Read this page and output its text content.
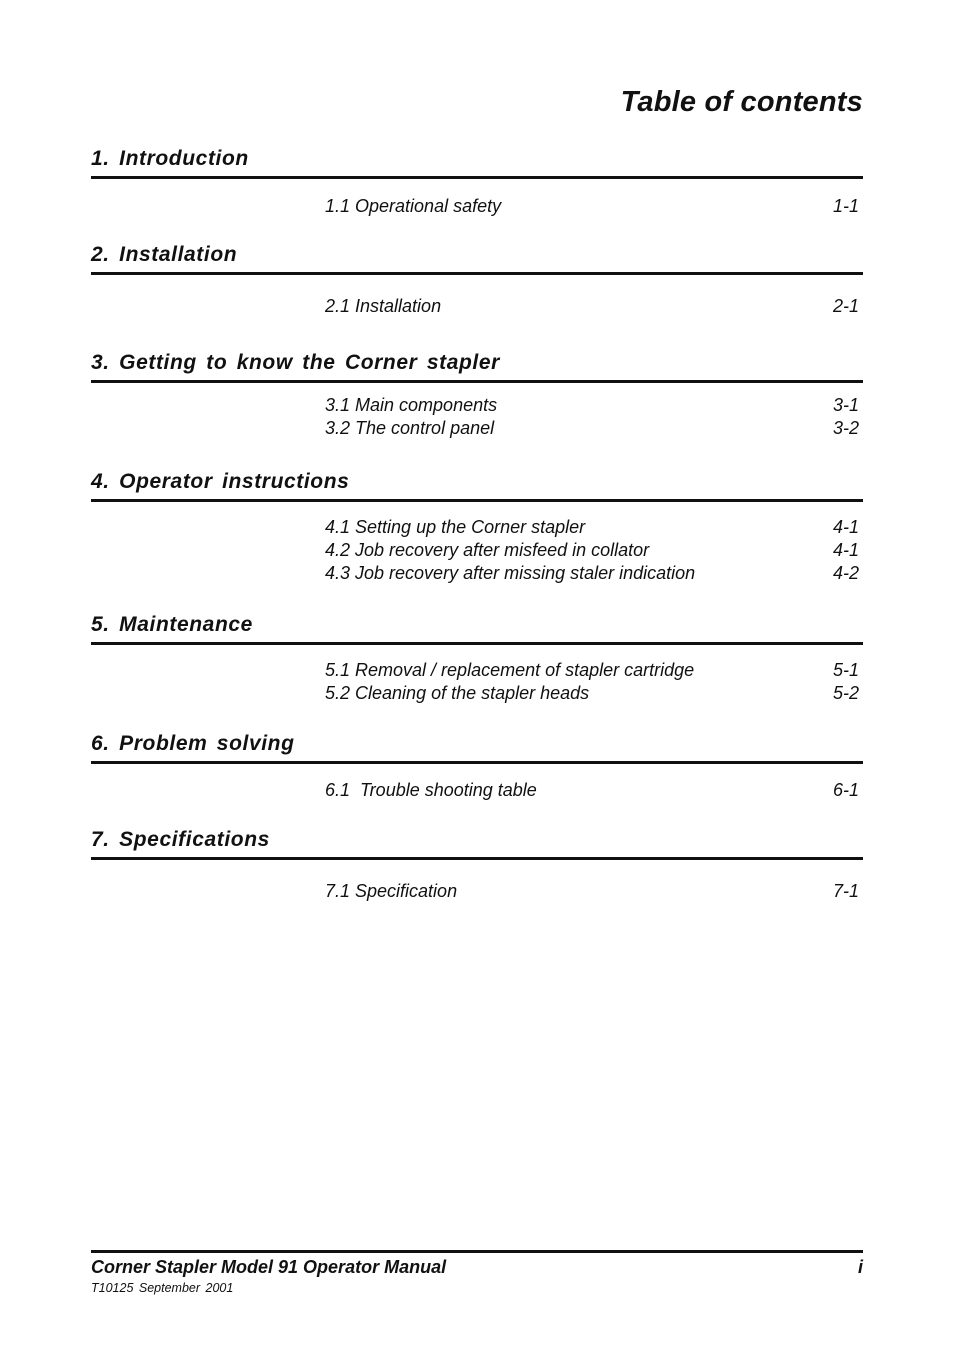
Table of contents
1. Introduction
1.1 Operational safety	1-1
2. Installation
2.1 Installation	2-1
3. Getting to know the Corner stapler
3.1 Main components	3-1
3.2 The control panel	3-2
4. Operator instructions
4.1 Setting up the Corner stapler	4-1
4.2 Job recovery after misfeed in collator	4-1
4.3 Job recovery after missing staler indication	4-2
5. Maintenance
5.1 Removal / replacement of stapler cartridge	5-1
5.2 Cleaning of the stapler heads	5-2
6. Problem solving
6.1  Trouble shooting table	6-1
7. Specifications
7.1 Specification	7-1
Corner Stapler Model 91 Operator Manual	i
T10125 September 2001
